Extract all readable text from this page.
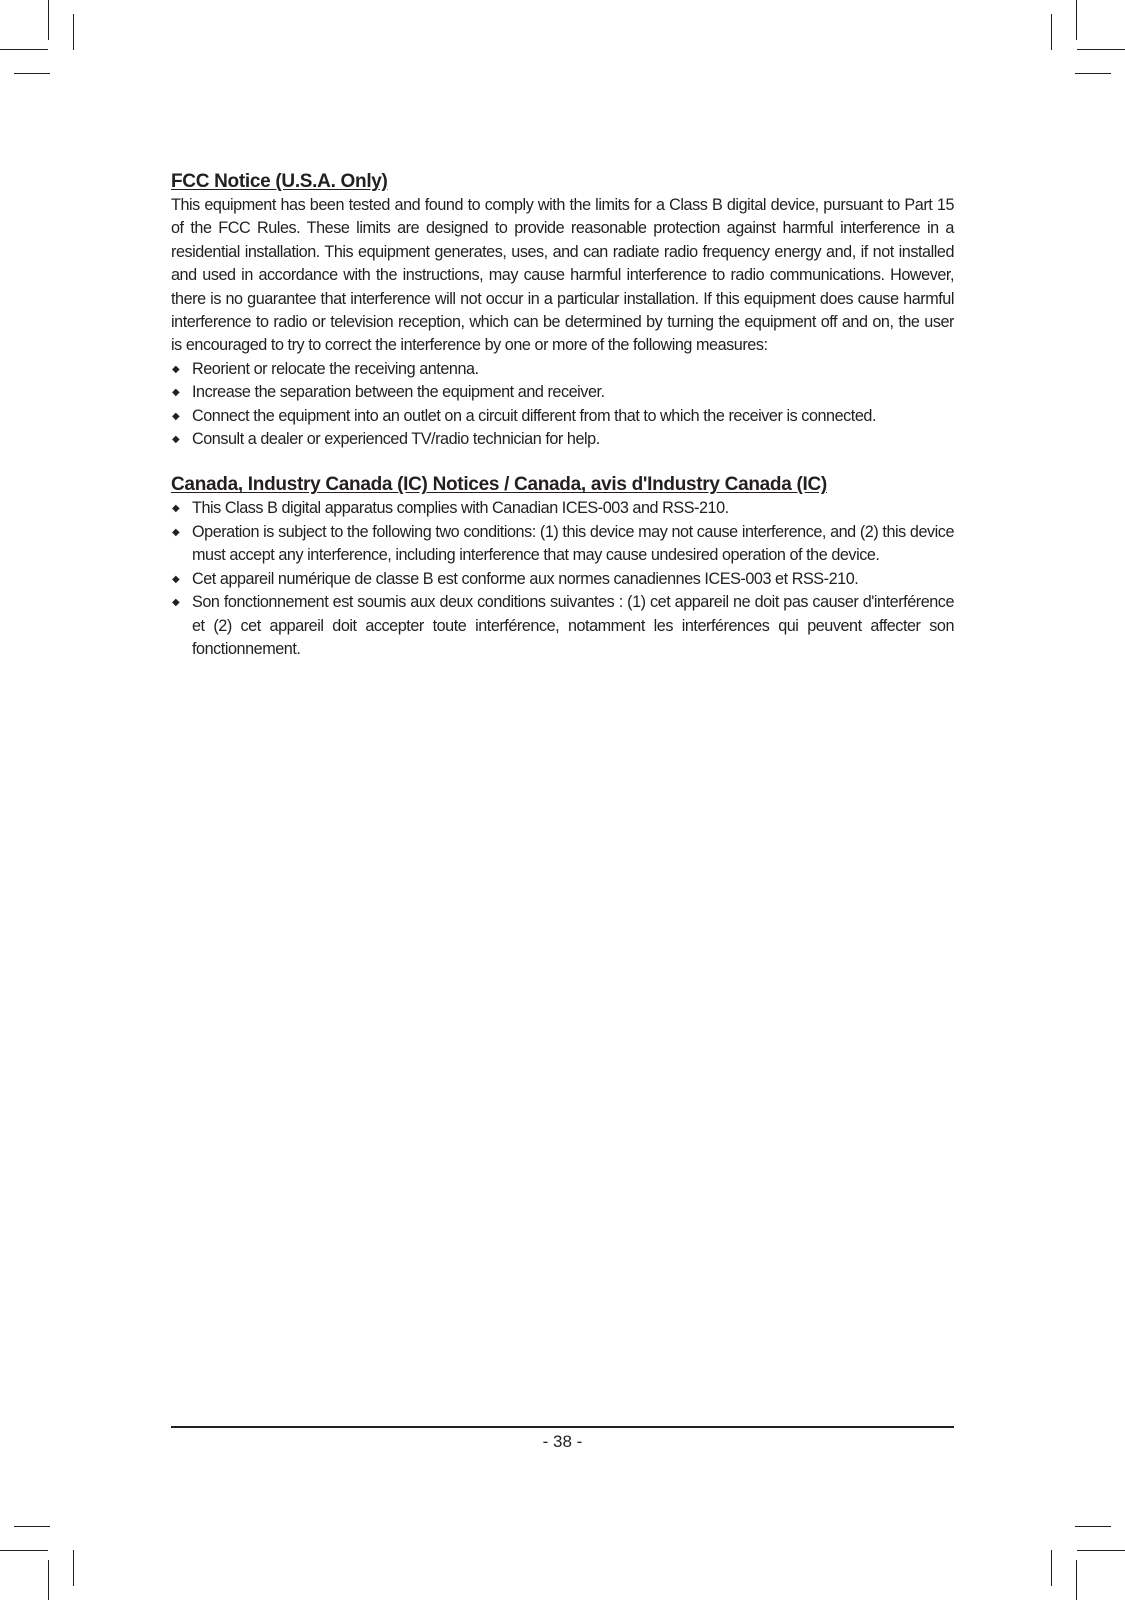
FCC Notice (U.S.A. Only)

This equipment has been tested and found to comply with the limits for a Class B digital device, pursuant to Part 15 of the FCC Rules. These limits are designed to provide reasonable protection against harmful interference in a residential installation. This equipment generates, uses, and can radiate radio frequency energy and, if not installed and used in accordance with the instructions, may cause harmful interference to radio communications. However, there is no guarantee that interference will not occur in a particular installation. If this equipment does cause harmful interference to radio or television reception, which can be determined by turning the equipment off and on, the user is encouraged to try to correct the interference by one or more of the following measures:

◆ Reorient or relocate the receiving antenna.
◆ Increase the separation between the equipment and receiver.
◆ Connect the equipment into an outlet on a circuit different from that to which the receiver is connected.
◆ Consult a dealer or experienced TV/radio technician for help.
Canada, Industry Canada (IC) Notices / Canada, avis d'Industry Canada (IC)
◆ This Class B digital apparatus complies with Canadian ICES-003 and RSS-210.
◆ Operation is subject to the following two conditions: (1) this device may not cause interference, and (2) this device must accept any interference, including interference that may cause undesired operation of the device.
◆ Cet appareil numérique de classe B est conforme aux normes canadiennes ICES-003 et RSS-210.
◆ Son fonctionnement est soumis aux deux conditions suivantes : (1) cet appareil ne doit pas causer d'interférence et (2) cet appareil doit accepter toute interférence, notamment les interférences qui peuvent affecter son fonctionnement.
- 38 -
